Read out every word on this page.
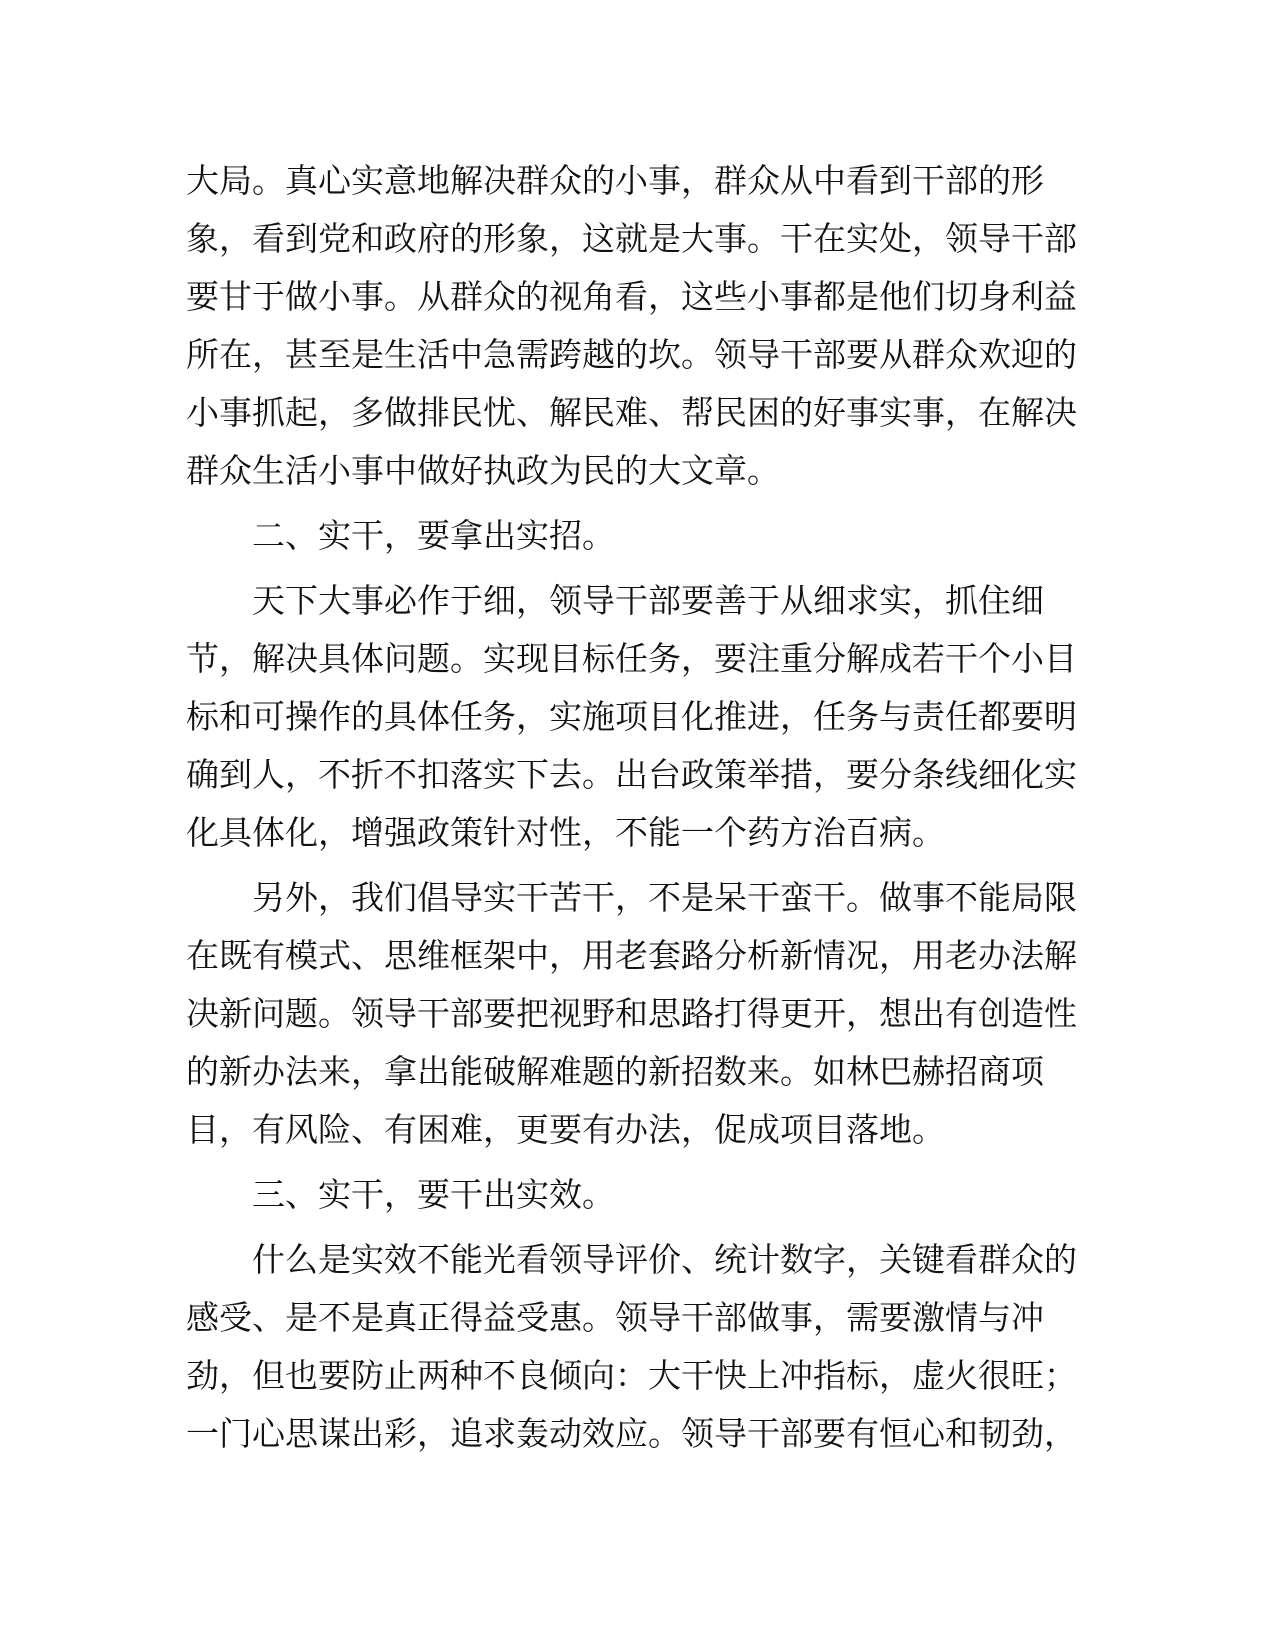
大局。真心实意地解决群众的小事，群众从中看到干部的形
象，看到党和政府的形象，这就是大事。干在实处，领导干部
要甘于做小事。从群众的视角看，这些小事都是他们切身利益
所在，甚至是生活中急需跨越的坎。领导干部要从群众欢迎的
小事抓起，多做排民忧、解民难、帮民困的好事实事，在解决
群众生活小事中做好执政为民的大文章。
二、实干，要拿出实招。
天下大事必作于细，领导干部要善于从细求实，抓住细
节，解决具体问题。实现目标任务，要注重分解成若干个小目
标和可操作的具体任务，实施项目化推进，任务与责任都要明
确到人，不折不扣落实下去。出台政策举措，要分条线细化实
化具体化，增强政策针对性，不能一个药方治百病。
另外，我们倡导实干苦干，不是呆干蛮干。做事不能局限
在既有模式、思维框架中，用老套路分析新情况，用老办法解
决新问题。领导干部要把视野和思路打得更开，想出有创造性
的新办法来，拿出能破解难题的新招数来。如林巴赫招商项
目，有风险、有困难，更要有办法，促成项目落地。
三、实干，要干出实效。
什么是实效不能光看领导评价、统计数字，关键看群众的
感受、是不是真正得益受惠。领导干部做事，需要激情与冲
劲，但也要防止两种不良倾向：大干快上冲指标，虚火很旺；
一门心思谋出彩，追求轰动效应。领导干部要有恒心和韧劲，
